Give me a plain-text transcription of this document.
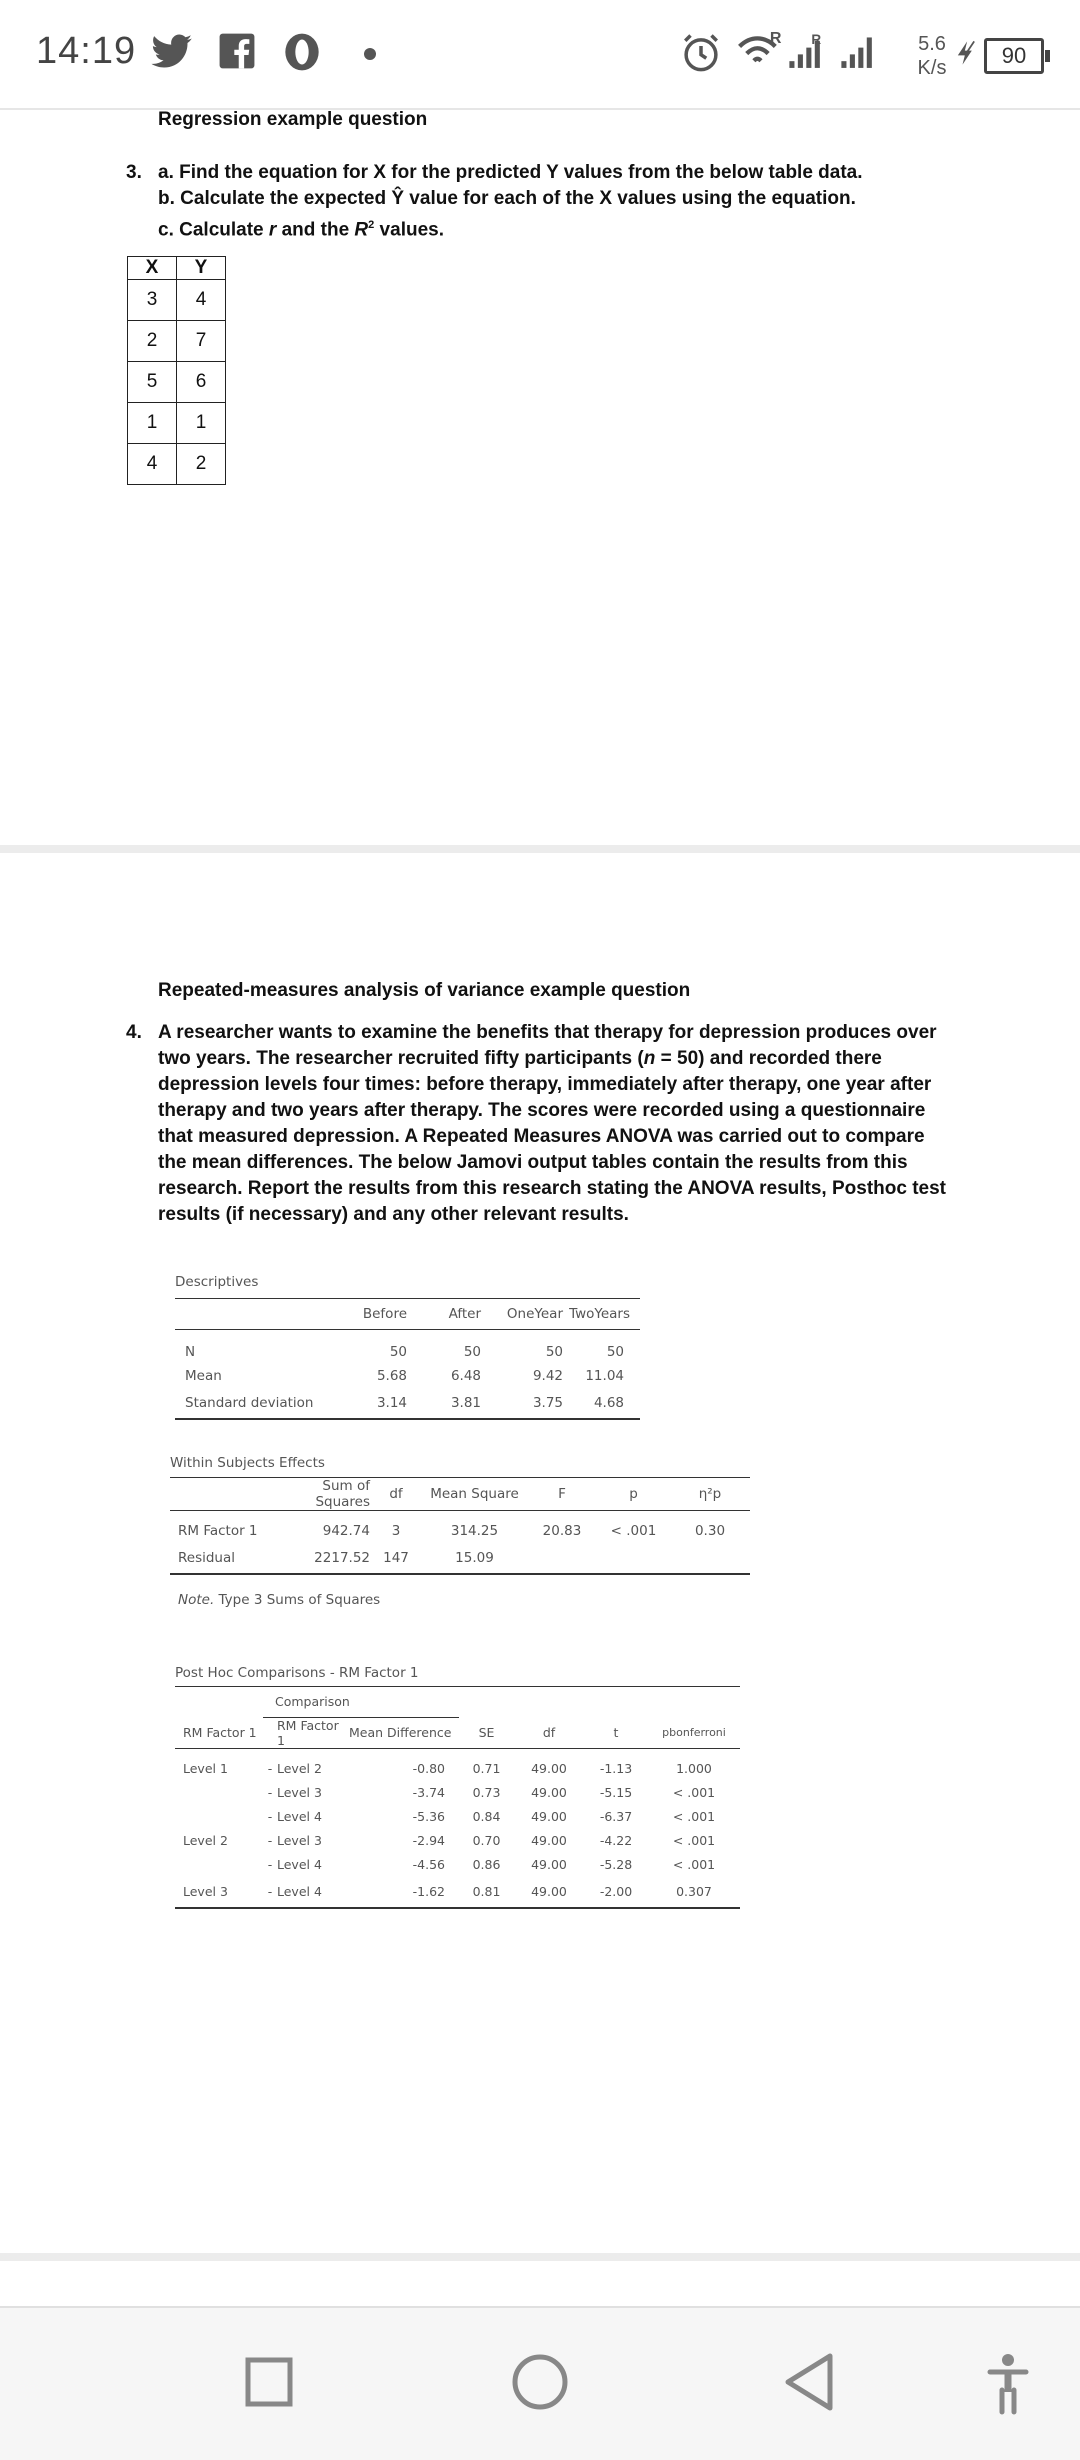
14:19	R	R	5.6
K/s	90
Regression example question
3. a. Find the equation for X for the predicted Y values from the below table data.
b. Calculate the expected Ŷ value for each of the X values using the equation.
c. Calculate r and the $R^2$ values.
X	Y
3	4
2	7
5	6
1	1
4	2
Repeated-measures analysis of variance example question
4. A researcher wants to examine the benefits that therapy for depression produces over two years. The researcher recruited fifty participants (n = 50) and recorded there depression levels four times: before therapy, immediately after therapy, one year after therapy and two years after therapy. The scores were recorded using a questionnaire that measured depression. A Repeated Measures ANOVA was carried out to compare the mean differences. The below Jamovi output tables contain the results from this research. Report the results from this research stating the ANOVA results, Posthoc test results (if necessary) and any other relevant results.
Descriptives
	Before	After	OneYear	TwoYears

N	50	50	50	50
Mean	5.68	6.48	9.42	11.04
Standard deviation	3.14	3.81	3.75	4.68
Within Subjects Effects
	Sum of Squares	df	Mean Square	F	p	η²p

RM Factor 1	942.74	3	314.25	20.83	< .001	0.30
Residual	2217.52	147	15.09			
Note. Type 3 Sums of Squares
Post Hoc Comparisons - RM Factor 1
	Comparison						
RM Factor 1		RM Factor 1	Mean Difference	SE	df	t	pbonferroni

Level 1	-	Level 2	-0.80	0.71	49.00	-1.13	1.000
	-	Level 3	-3.74	0.73	49.00	-5.15	< .001
	-	Level 4	-5.36	0.84	49.00	-6.37	< .001
Level 2	-	Level 3	-2.94	0.70	49.00	-4.22	< .001
	-	Level 4	-4.56	0.86	49.00	-5.28	< .001
Level 3	-	Level 4	-1.62	0.81	49.00	-2.00	0.307
